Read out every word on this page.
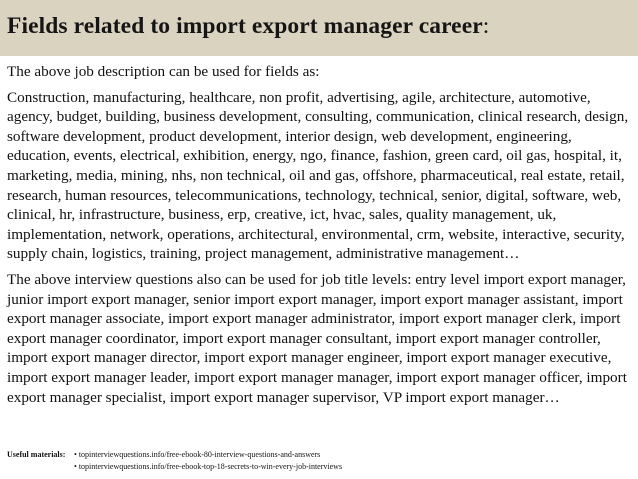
Fields related to import export manager career:

The above job description can be used for fields as:

Construction, manufacturing, healthcare, non profit, advertising, agile, architecture, automotive, agency, budget, building, business development, consulting, communication, clinical research, design, software development, product development, interior design, web development, engineering, education, events, electrical, exhibition, energy, ngo, finance, fashion, green card, oil gas, hospital, it, marketing, media, mining, nhs, non technical, oil and gas, offshore, pharmaceutical, real estate, retail, research, human resources, telecommunications, technology, technical, senior, digital, software, web, clinical, hr, infrastructure, business, erp, creative, ict, hvac, sales, quality management, uk, implementation, network, operations, architectural, environmental, crm, website, interactive, security, supply chain, logistics, training, project management, administrative management…

The above interview questions also can be used for job title levels: entry level import export manager, junior import export manager, senior import export manager, import export manager assistant, import export manager associate, import export manager administrator, import export manager clerk, import export manager coordinator, import export manager consultant, import export manager controller, import export manager director, import export manager engineer, import export manager executive, import export manager leader, import export manager manager, import export manager officer, import export manager specialist, import export manager supervisor, VP import export manager…

Useful materials: • topinterviewquestions.info/free-ebook-80-interview-questions-and-answers
• topinterviewquestions.info/free-ebook-top-18-secrets-to-win-every-job-interviews
